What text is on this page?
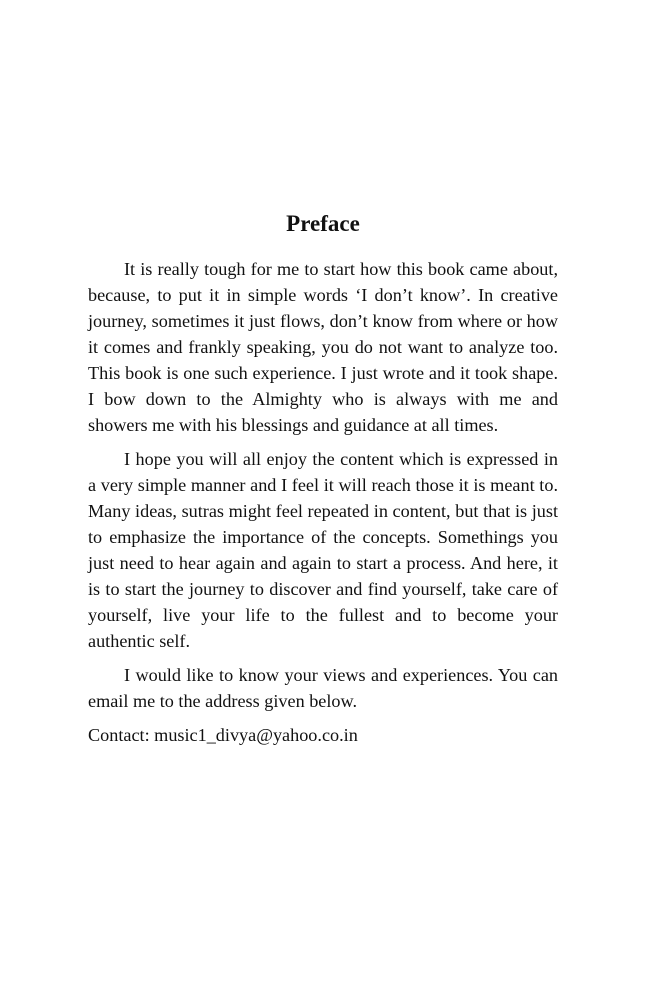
Preface

It is really tough for me to start how this book came about, because, to put it in simple words ‘I don’t know’. In creative journey, sometimes it just flows, don’t know from where or how it comes and frankly speaking, you do not want to analyze too. This book is one such experience. I just wrote and it took shape. I bow down to the Almighty who is always with me and showers me with his blessings and guidance at all times.

I hope you will all enjoy the content which is expressed in a very simple manner and I feel it will reach those it is meant to. Many ideas, sutras might feel repeated in content, but that is just to emphasize the importance of the concepts. Somethings you just need to hear again and again to start a process. And here, it is to start the journey to discover and find yourself, take care of yourself, live your life to the fullest and to become your authentic self.

I would like to know your views and experiences. You can email me to the address given below.

Contact: music1_divya@yahoo.co.in
